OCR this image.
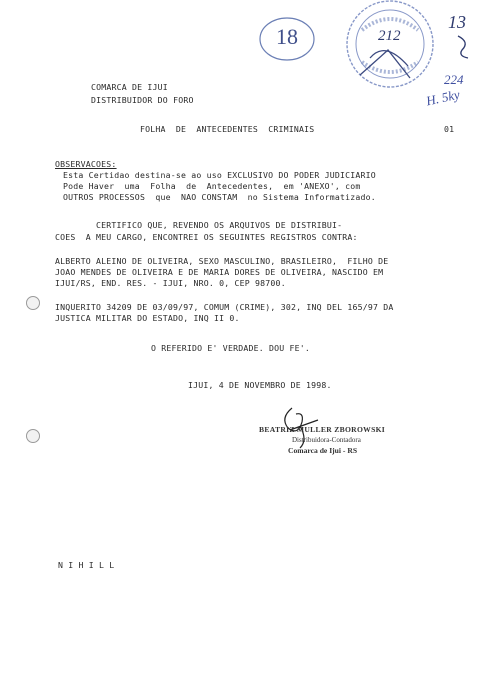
18	212
13
224
H. 5ky
COMARCA DE IJUI
DISTRIBUIDOR DO FORO
FOLHA  DE  ANTECEDENTES  CRIMINAIS	01
OBSERVACOES:
Esta Certidao destina-se ao uso EXCLUSIVO DO PODER JUDICIARIO
Pode Haver  uma  Folha  de  Antecedentes,  em 'ANEXO', com
OUTROS PROCESSOS  que  NAO CONSTAM  no Sistema Informatizado.
CERTIFICO QUE, REVENDO OS ARQUIVOS DE DISTRIBUI-
COES  A MEU CARGO, ENCONTREI OS SEGUINTES REGISTROS CONTRA:
ALBERTO ALEINO DE OLIVEIRA, SEXO MASCULINO, BRASILEIRO,  FILHO DE
JOAO MENDES DE OLIVEIRA E DE MARIA DORES DE OLIVEIRA, NASCIDO EM
IJUI/RS, END. RES. - IJUI, NRO. 0, CEP 98700.
INQUERITO 34209 DE 03/09/97, COMUM (CRIME), 302, INQ DEL 165/97 DA
JUSTICA MILITAR DO ESTADO, INQ II 0.
O REFERIDO E' VERDADE. DOU FE'.
IJUI, 4 DE NOVEMBRO DE 1998.
BEATRIZ MULLER ZBOROWSKI
Distribuidora-Contadora
Comarca de Ijui - RS
N I H I L L
